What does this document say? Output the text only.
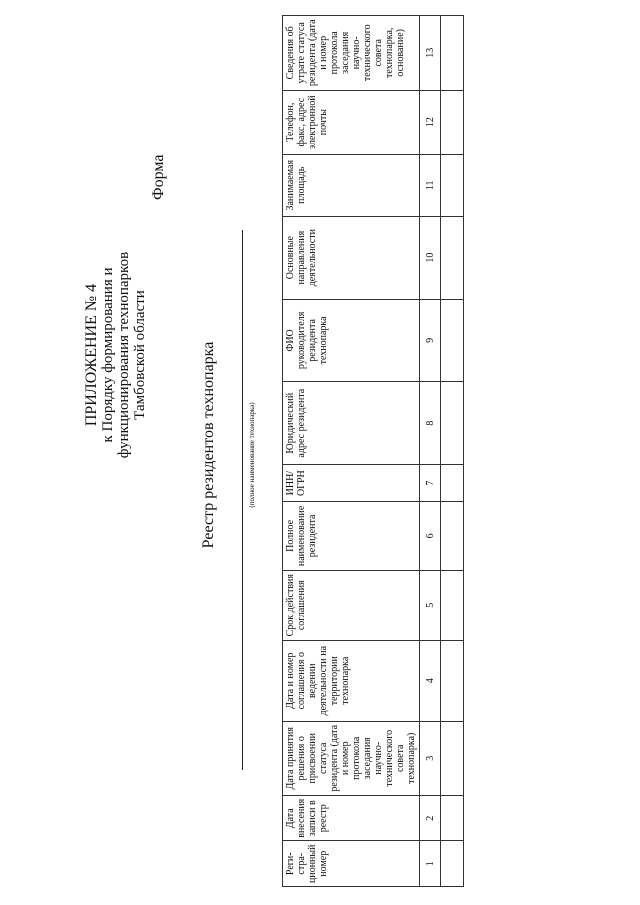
ПРИЛОЖЕНИЕ № 4 к Порядку формирования и функционирования технопарков Тамбовской области
Форма
Реестр резидентов технопарка	(полное наименование технопарка)
Регистрационный номер	Дата внесения записи в реестр	Дата принятия решения о присвоении статуса резидента (дата и номер протокола заседания научно-технического совета технопарка)	Дата и номер соглашения о ведении деятельности на территории технопарка	Срок действия соглашения	Полное наименование резидента	ИНН/ ОГРН	Юридический адрес резидента	ФИО руководителя резидента технопарка	Основные направления деятельности	Занимаемая площадь	Телефон, факс, адрес электронной почты	Сведения об утрате статуса резидента (дата и номер протокола заседания научно-технического совета технопарка, основание)
1	2	3	4	5	6	7	8	9	10	11	12	13
